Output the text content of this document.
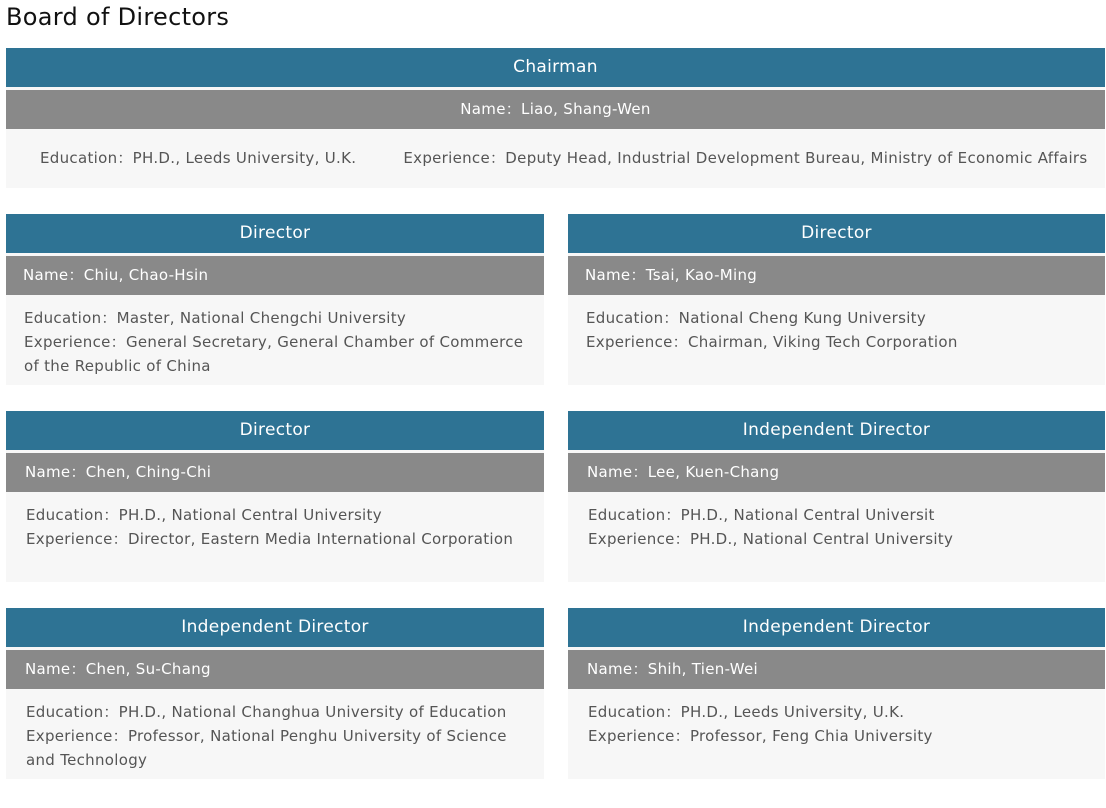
Board of Directors
Chairman
Name：Liao, Shang-Wen
Education：PH.D., Leeds University, U.K.	Experience：Deputy Head, Industrial Development Bureau, Ministry of Economic Affairs
Director
Name：Chiu, Chao-Hsin
Education：Master, National Chengchi University
Experience：General Secretary, General Chamber of Commerce
of the Republic of China
Director
Name：Tsai, Kao-Ming
Education：National Cheng Kung University
Experience：Chairman, Viking Tech Corporation
Director
Name：Chen, Ching-Chi
Education：PH.D., National Central University
Experience：Director, Eastern Media International Corporation
Independent Director
Name：Lee, Kuen-Chang
Education：PH.D., National Central Universit
Experience：PH.D., National Central University
Independent Director
Name：Chen, Su-Chang
Education：PH.D., National Changhua University of Education
Experience：Professor, National Penghu University of Science
and Technology
Independent Director
Name：Shih, Tien-Wei
Education：PH.D., Leeds University, U.K.
Experience：Professor, Feng Chia University
